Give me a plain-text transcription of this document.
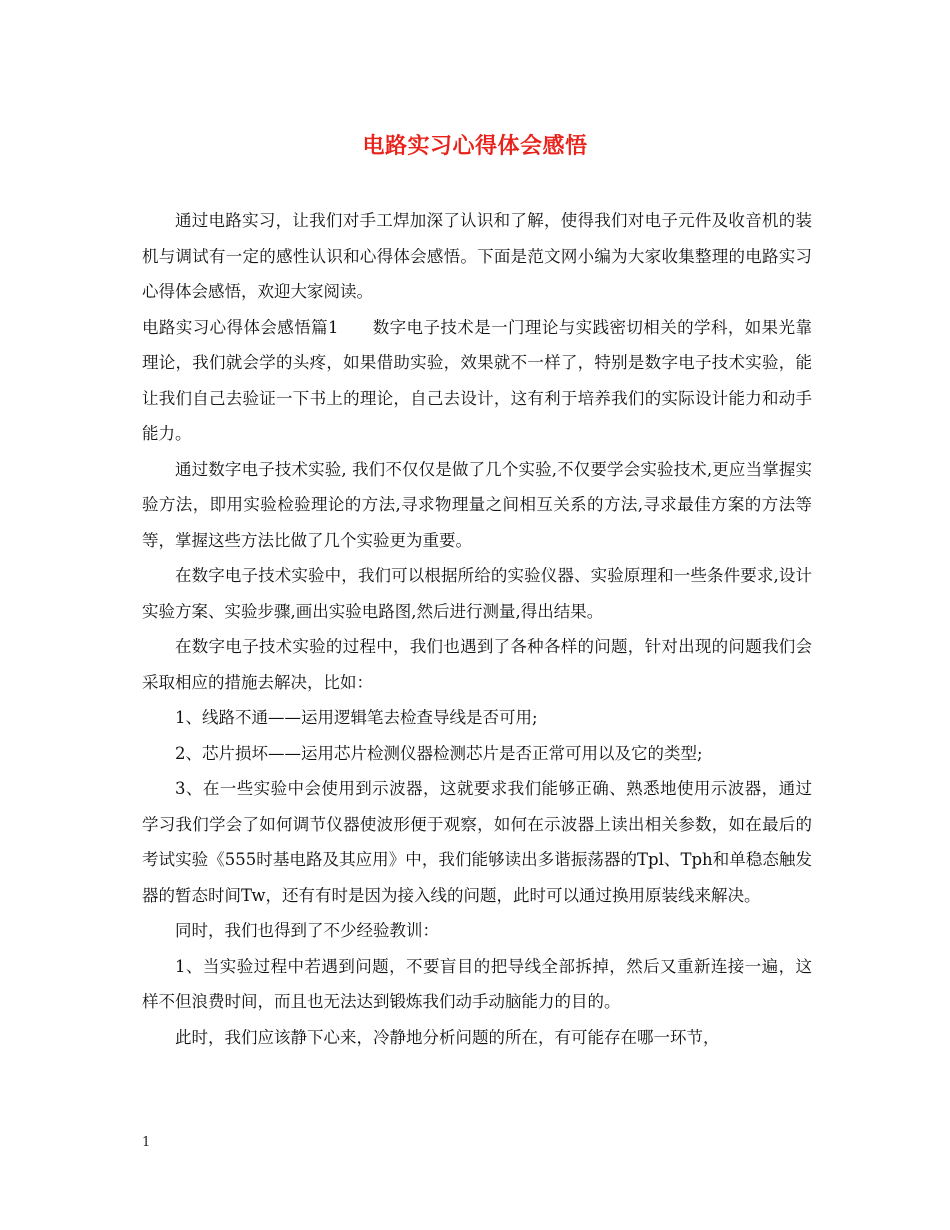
电路实习心得体会感悟

通过电路实习，让我们对手工焊加深了认识和了解，使得我们对电子元件及收音机的装机与调试有一定的感性认识和心得体会感悟。下面是范文网小编为大家收集整理的电路实习心得体会感悟，欢迎大家阅读。

电路实习心得体会感悟篇1　　数字电子技术是一门理论与实践密切相关的学科，如果光靠理论，我们就会学的头疼，如果借助实验，效果就不一样了，特别是数字电子技术实验，能让我们自己去验证一下书上的理论，自己去设计，这有利于培养我们的实际设计能力和动手能力。

通过数字电子技术实验, 我们不仅仅是做了几个实验,不仅要学会实验技术,更应当掌握实验方法，即用实验检验理论的方法,寻求物理量之间相互关系的方法,寻求最佳方案的方法等等，掌握这些方法比做了几个实验更为重要。

在数字电子技术实验中，我们可以根据所给的实验仪器、实验原理和一些条件要求,设计实验方案、实验步骤,画出实验电路图,然后进行测量,得出结果。

在数字电子技术实验的过程中，我们也遇到了各种各样的问题，针对出现的问题我们会采取相应的措施去解决，比如：

1、线路不通——运用逻辑笔去检查导线是否可用;

2、芯片损坏——运用芯片检测仪器检测芯片是否正常可用以及它的类型;

3、在一些实验中会使用到示波器，这就要求我们能够正确、熟悉地使用示波器，通过学习我们学会了如何调节仪器使波形便于观察，如何在示波器上读出相关参数，如在最后的考试实验《555时基电路及其应用》中，我们能够读出多谐振荡器的Tpl、Tph和单稳态触发器的暂态时间Tw，还有有时是因为接入线的问题，此时可以通过换用原装线来解决。

同时，我们也得到了不少经验教训：

1、当实验过程中若遇到问题，不要盲目的把导线全部拆掉，然后又重新连接一遍，这样不但浪费时间，而且也无法达到锻炼我们动手动脑能力的目的。

此时，我们应该静下心来，冷静地分析问题的所在，有可能存在哪一环节，

1
